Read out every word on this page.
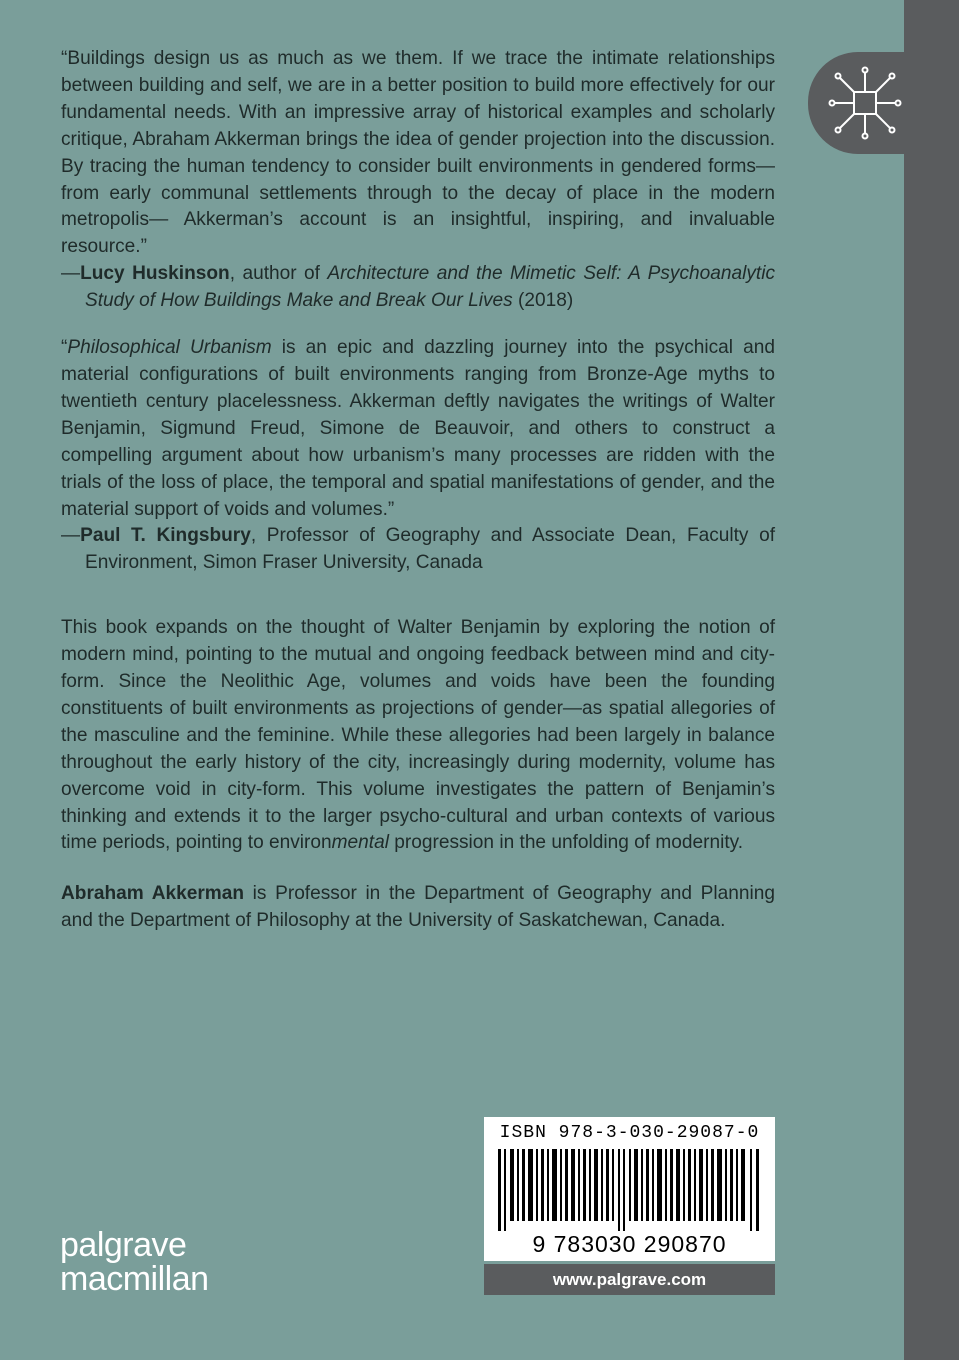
“Buildings design us as much as we them. If we trace the intimate relationships between building and self, we are in a better position to build more effectively for our fundamental needs. With an impressive array of historical examples and scholarly critique, Abraham Akkerman brings the idea of gender projection into the discussion. By tracing the human tendency to consider built environments in gendered forms—from early communal settlements through to the decay of place in the modern metropolis— Akkerman’s account is an insightful, inspiring, and invaluable resource.”

—Lucy Huskinson, author of Architecture and the Mimetic Self: A Psychoanalytic Study of How Buildings Make and Break Our Lives (2018)

“Philosophical Urbanism is an epic and dazzling journey into the psychical and material configurations of built environments ranging from Bronze-Age myths to twentieth century placelessness. Akkerman deftly navigates the writings of Walter Benjamin, Sigmund Freud, Simone de Beauvoir, and others to construct a compelling argument about how urbanism’s many processes are ridden with the trials of the loss of place, the temporal and spatial manifestations of gender, and the material support of voids and volumes.”

—Paul T. Kingsbury, Professor of Geography and Associate Dean, Faculty of Environment, Simon Fraser University, Canada

This book expands on the thought of Walter Benjamin by exploring the notion of modern mind, pointing to the mutual and ongoing feedback between mind and city-form. Since the Neolithic Age, volumes and voids have been the founding constituents of built environments as projections of gender—as spatial allegories of the masculine and the feminine. While these allegories had been largely in balance throughout the early history of the city, increasingly during modernity, volume has overcome void in city-form. This volume investigates the pattern of Benjamin’s thinking and extends it to the larger psycho-cultural and urban contexts of various time periods, pointing to environmental progression in the unfolding of modernity.

Abraham Akkerman is Professor in the Department of Geography and Planning and the Department of Philosophy at the University of Saskatchewan, Canada.

palgrave
macmillan
ISBN 978-3-030-29087-0
9 783030 290870
www.palgrave.com
